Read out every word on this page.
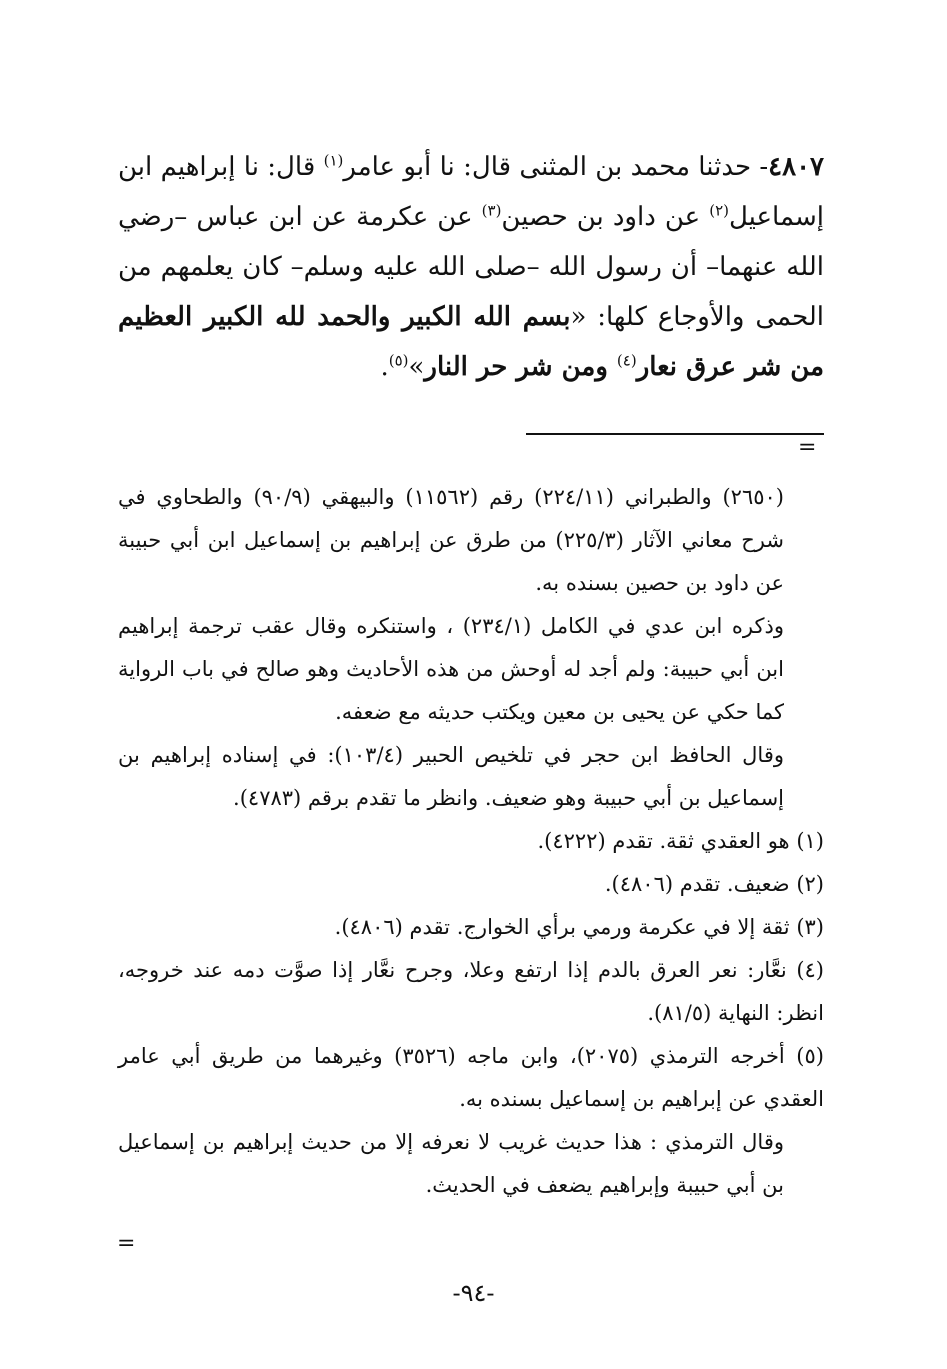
٤٨٠٧- حدثنا محمد بن المثنى قال: نا أبو عامر$^{(١)}$ قال: نا إبراهيم ابن إسماعيل$^{(٢)}$ عن داود بن حصين$^{(٣)}$ عن عكرمة عن ابن عباس –رضي الله عنهما– أن رسول الله –صلى الله عليه وسلم– كان يعلمهم من الحمى والأوجاع كلها: «بسم الله الكبير والحمد لله الكبير العظيم من شر عرق نعار$^{(٤)}$ ومن شر حر النار»$^{(٥)}$.

=

(٢٦٥٠) والطبراني (٢٢٤/١١) رقم (١١٥٦٢) والبيهقي (٩٠/٩) والطحاوي في شرح معاني الآثار (٢٢٥/٣) من طرق عن إبراهيم بن إسماعيل ابن أبي حبيبة عن داود بن حصين بسنده به.

وذكره ابن عدي في الكامل (٢٣٤/١) ، واستنكره وقال عقب ترجمة إبراهيم ابن أبي حبيبة: ولم أجد له أوحش من هذه الأحاديث وهو صالح في باب الرواية كما حكي عن يحيى بن معين ويكتب حديثه مع ضعفه.

وقال الحافظ ابن حجر في تلخيص الحبير (١٠٣/٤): في إسناده إبراهيم بن إسماعيل بن أبي حبيبة وهو ضعيف. وانظر ما تقدم برقم (٤٧٨٣).

(١) هو العقدي ثقة. تقدم (٤٢٢٢).

(٢) ضعيف. تقدم (٤٨٠٦).

(٣) ثقة إلا في عكرمة ورمي برأي الخوارج. تقدم (٤٨٠٦).

(٤) نعَّار: نعر العرق بالدم إذا ارتفع وعلا، وجرح نعَّار إذا صوَّت دمه عند خروجه، انظر: النهاية (٨١/٥).

(٥) أخرجه الترمذي (٢٠٧٥)، وابن ماجه (٣٥٢٦) وغيرهما من طريق أبي عامر العقدي عن إبراهيم بن إسماعيل بسنده به.

وقال الترمذي : هذا حديث غريب لا نعرفه إلا من حديث إبراهيم بن إسماعيل بن أبي حبيبة وإبراهيم يضعف في الحديث.

=
-٩٤-
